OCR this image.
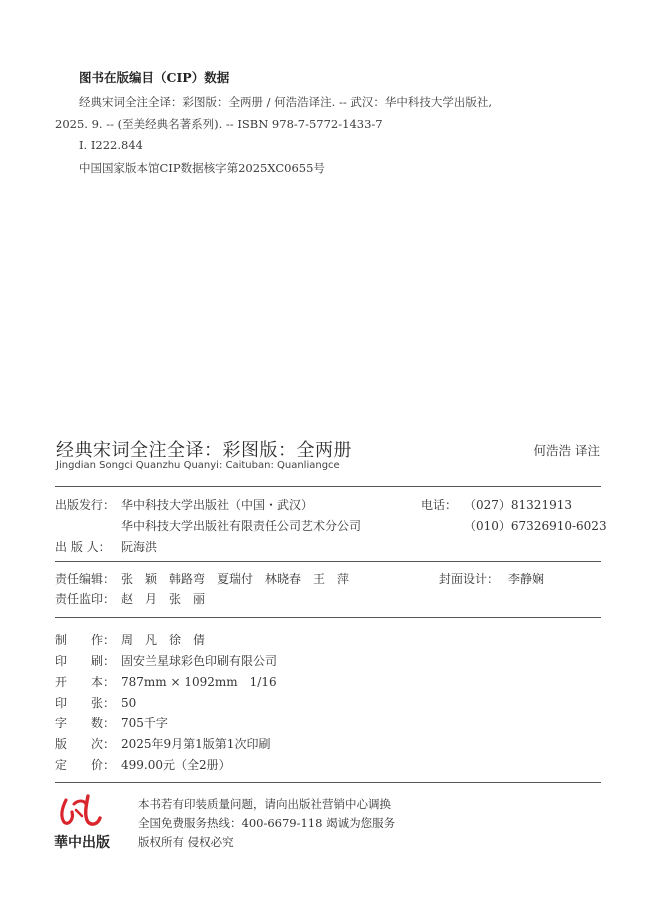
图书在版编目（CIP）数据
经典宋词全注全译：彩图版：全两册 / 何浩浩译注. -- 武汉：华中科技大学出版社,
2025. 9. -- (至美经典名著系列). -- ISBN 978-7-5772-1433-7
Ⅰ. I222.844
中国国家版本馆CIP数据核字第2025XC0655号
经典宋词全注全译：彩图版：全两册
Jingdian Songci Quanzhu Quanyi: Caituban: Quanliangce
何浩浩 译注
出版发行： 华中科技大学出版社（中国・武汉）
华中科技大学出版社有限责任公司艺术分公司
电话： （027）81321913
（010）67326910-6023
出 版 人： 阮海洪
责任编辑： 张　颖　韩路弯　夏瑞付　林晓春　王　萍	封面设计： 李静娴
责任监印： 赵　月　张　丽
制　　作： 周　凡　徐　倩
印　　刷： 固安兰星球彩色印刷有限公司
开　　本： 787mm × 1092mm　1/16
印　　张： 50
字　　数： 705千字
版　　次： 2025年9月第1版第1次印刷
定　　价： 499.00元（全2册）
華中出版
本书若有印装质量问题，请向出版社营销中心调换
全国免费服务热线：400-6679-118 竭诚为您服务
版权所有 侵权必究
